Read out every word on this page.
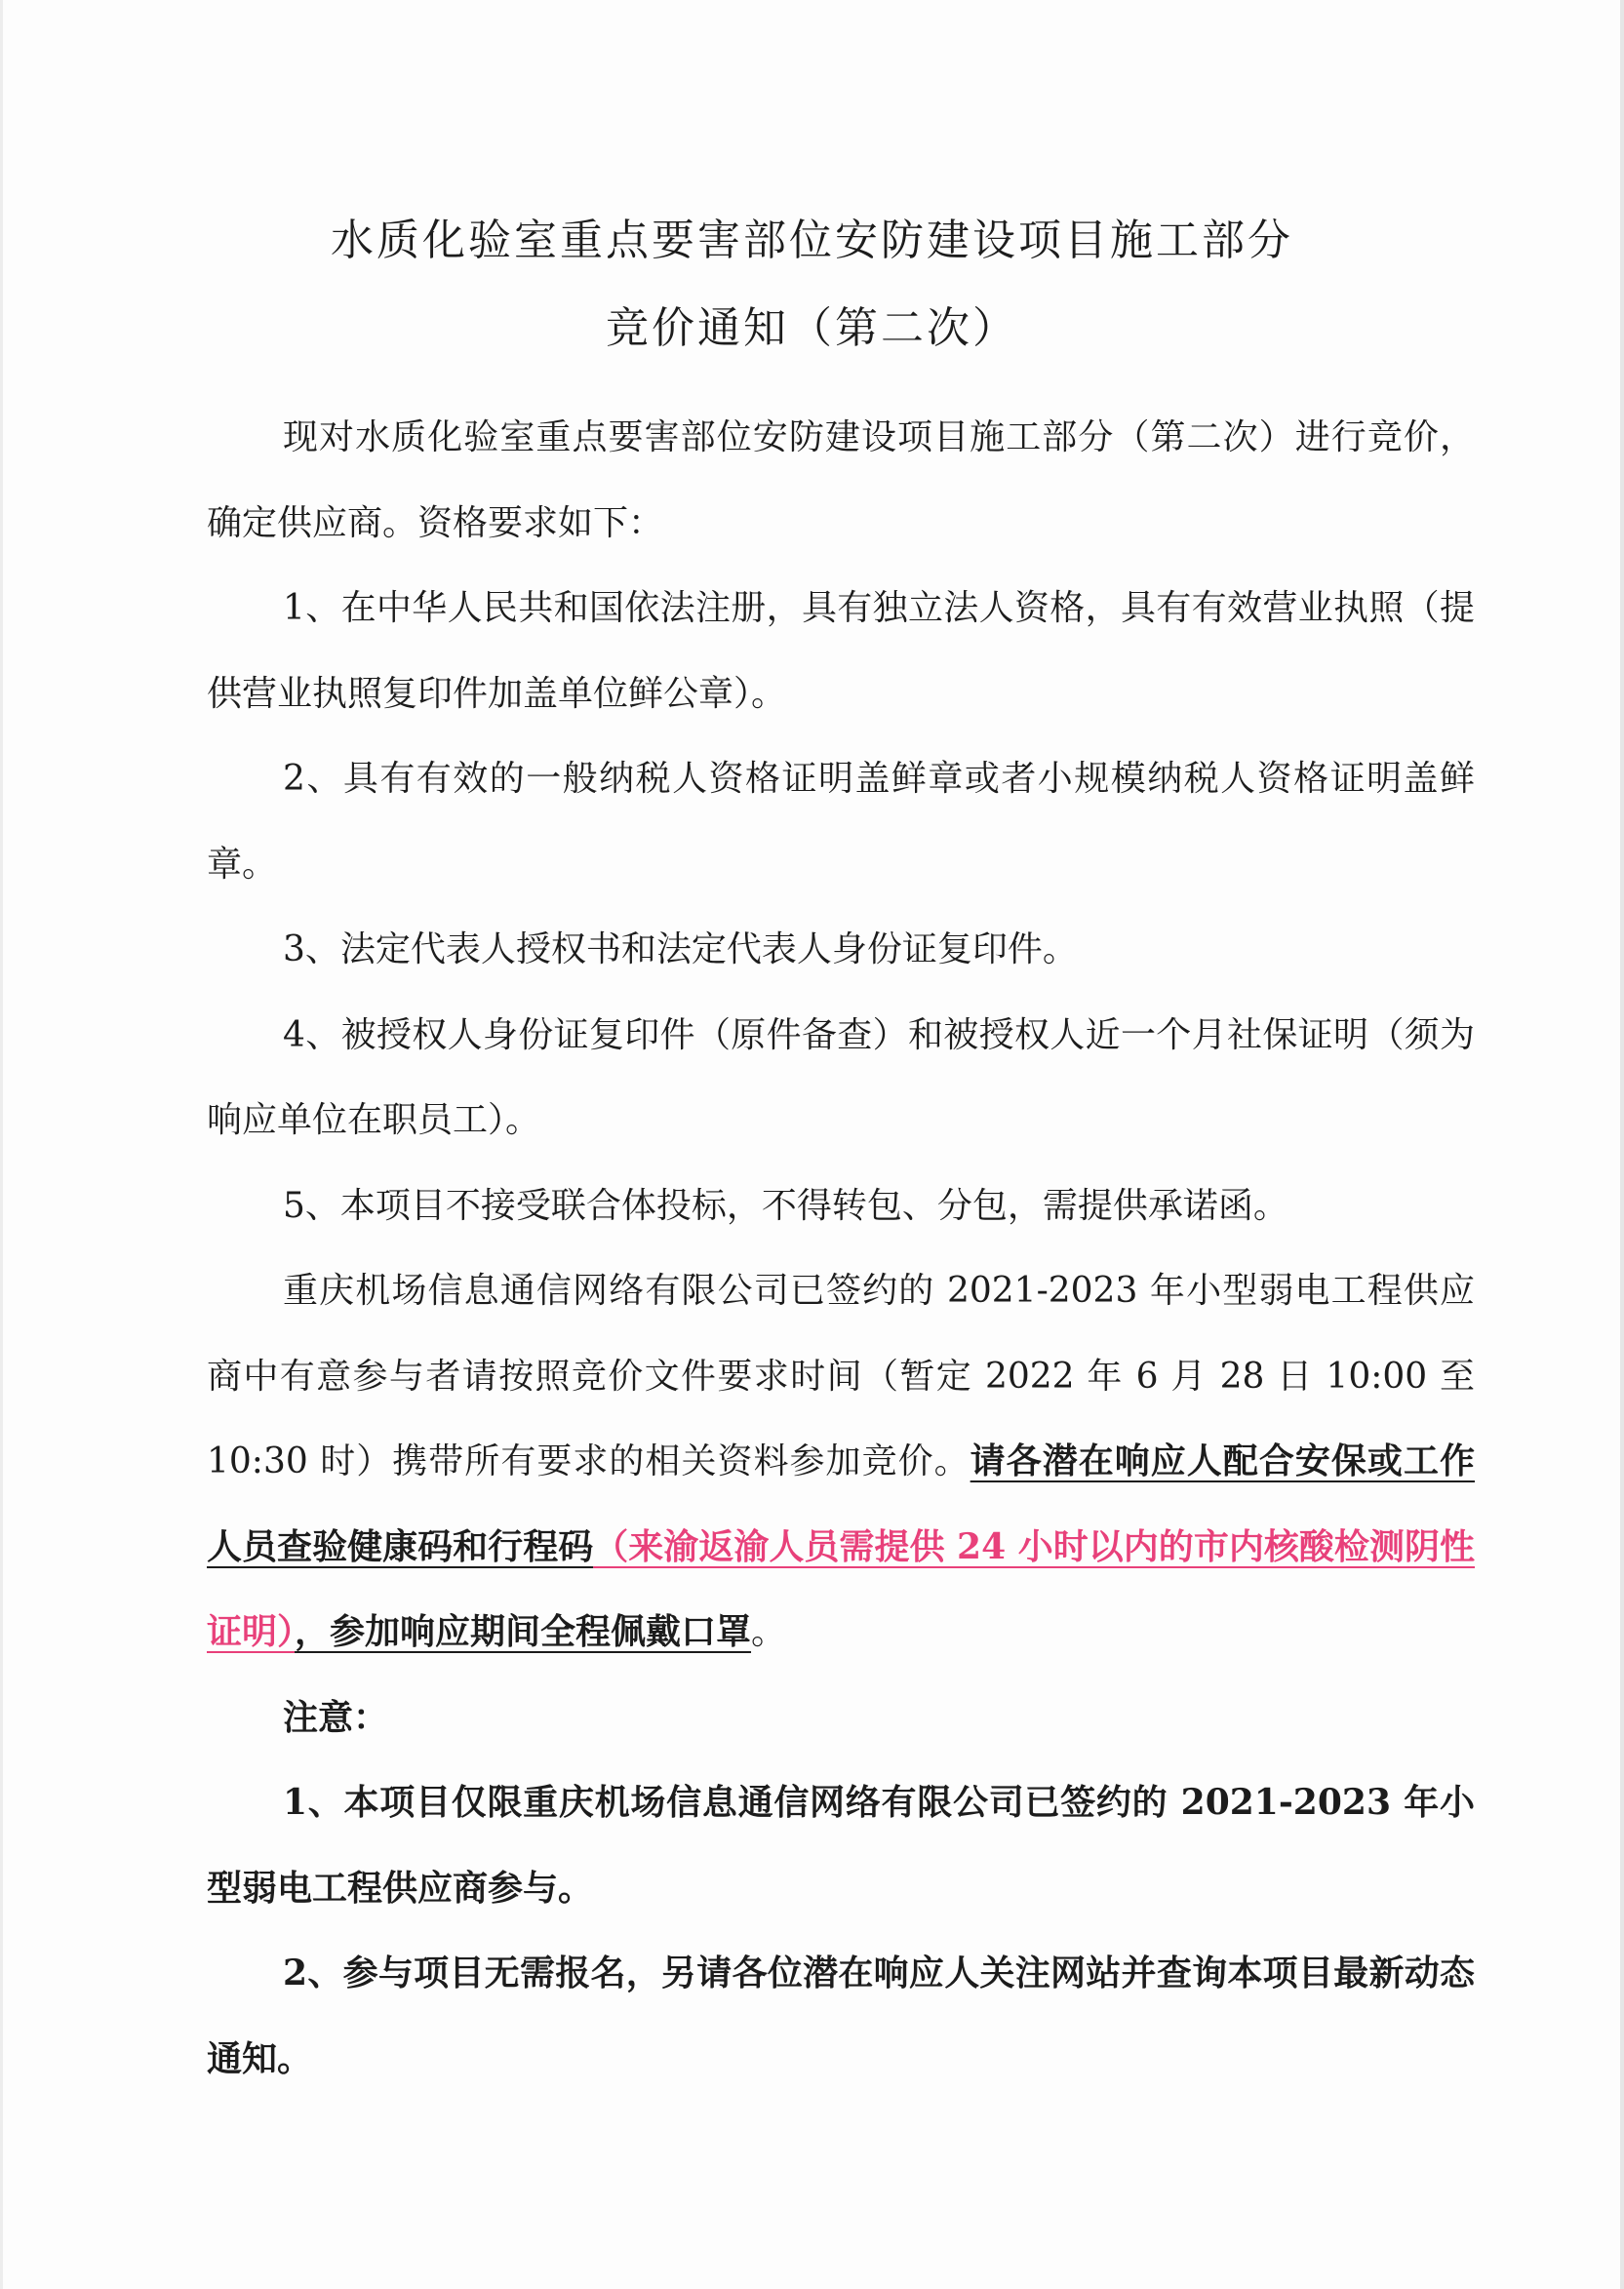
水质化验室重点要害部位安防建设项目施工部分
竞价通知（第二次）

现对水质化验室重点要害部位安防建设项目施工部分（第二次）进行竞价，确定供应商。资格要求如下：

1、在中华人民共和国依法注册，具有独立法人资格，具有有效营业执照（提供营业执照复印件加盖单位鲜公章）。

2、具有有效的一般纳税人资格证明盖鲜章或者小规模纳税人资格证明盖鲜章。

3、法定代表人授权书和法定代表人身份证复印件。

4、被授权人身份证复印件（原件备查）和被授权人近一个月社保证明（须为响应单位在职员工）。

5、本项目不接受联合体投标，不得转包、分包，需提供承诺函。

重庆机场信息通信网络有限公司已签约的 2021-2023 年小型弱电工程供应商中有意参与者请按照竞价文件要求时间（暂定 2022 年 6 月 28 日 10:00 至 10:30 时）携带所有要求的相关资料参加竞价。请各潜在响应人配合安保或工作人员查验健康码和行程码（来渝返渝人员需提供 24 小时以内的市内核酸检测阴性证明），参加响应期间全程佩戴口罩。

注意：

1、本项目仅限重庆机场信息通信网络有限公司已签约的 2021-2023 年小型弱电工程供应商参与。

2、参与项目无需报名，另请各位潜在响应人关注网站并查询本项目最新动态通知。
